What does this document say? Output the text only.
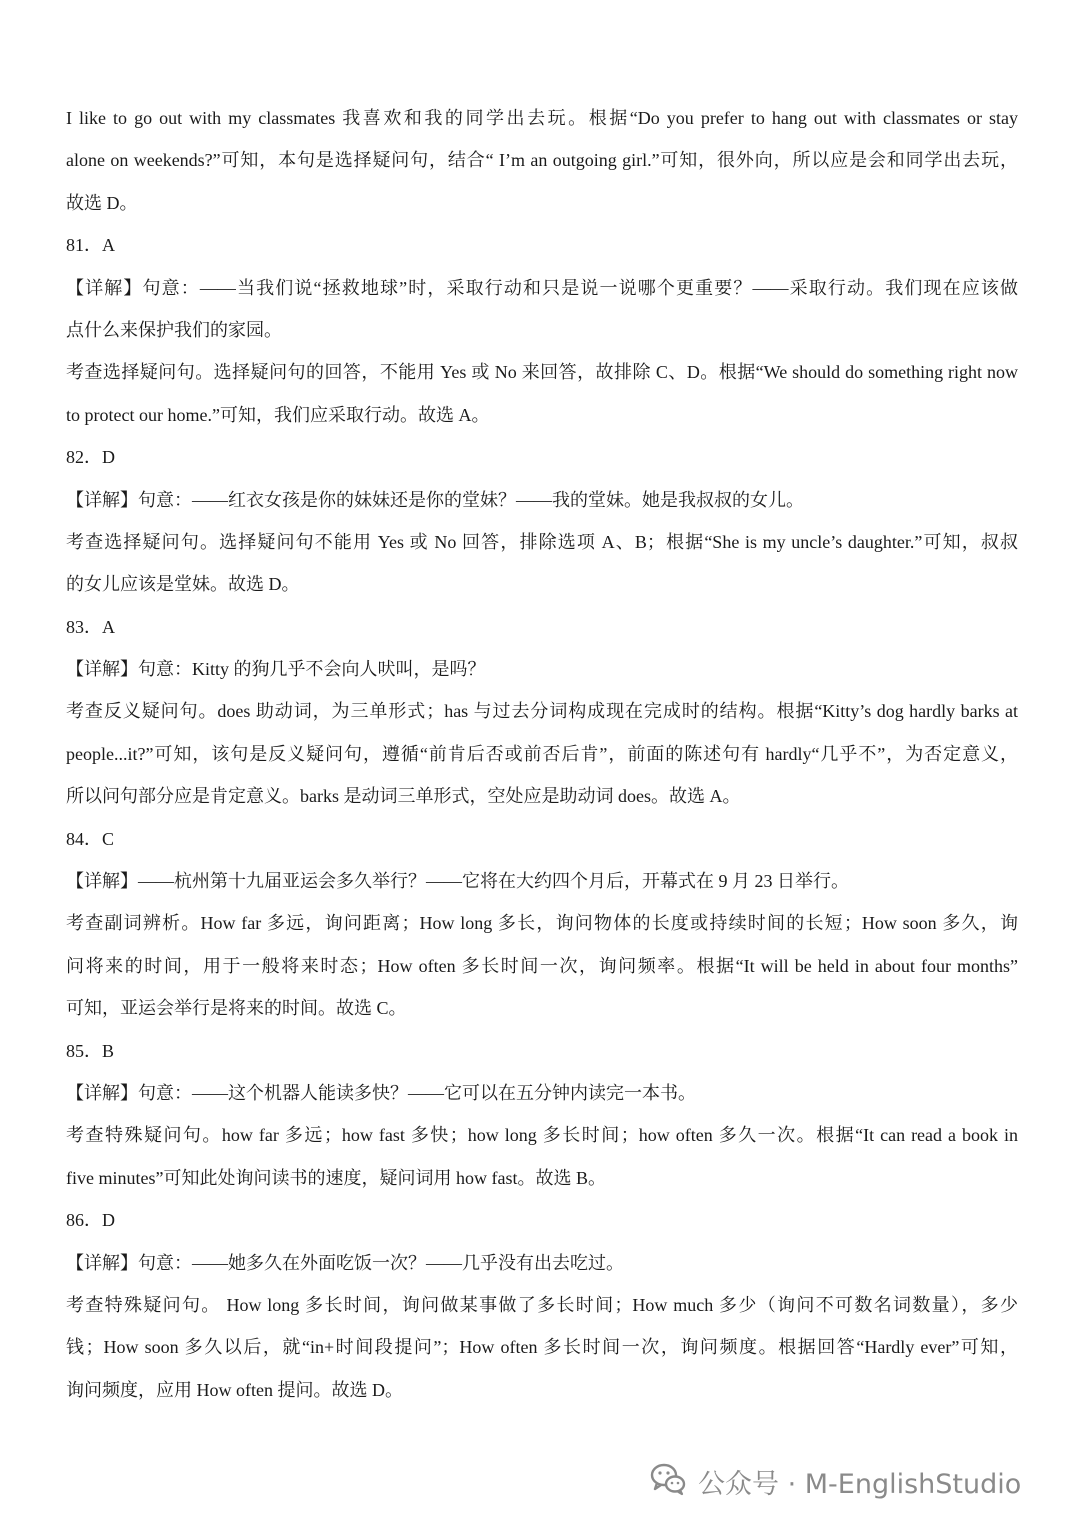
I like to go out with my classmates 我喜欢和我的同学出去玩。根据“Do you prefer to hang out with classmates or stay
alone on weekends?”可知，本句是选择疑问句，结合“ I’m an outgoing girl.”可知，很外向，所以应是会和同学出去玩，
故选 D。
81．A
【详解】句意：——当我们说“拯救地球”时，采取行动和只是说一说哪个更重要？——采取行动。我们现在应该做
点什么来保护我们的家园。
考查选择疑问句。选择疑问句的回答，不能用 Yes 或 No 来回答，故排除 C、D。根据“We should do something right now
to protect our home.”可知，我们应采取行动。故选 A。
82．D
【详解】句意：——红衣女孩是你的妹妹还是你的堂妹？——我的堂妹。她是我叔叔的女儿。
考查选择疑问句。选择疑问句不能用 Yes 或 No 回答，排除选项 A、B；根据“She is my uncle’s daughter.”可知，叔叔
的女儿应该是堂妹。故选 D。
83．A
【详解】句意：Kitty 的狗几乎不会向人吠叫，是吗？
考查反义疑问句。does 助动词，为三单形式；has 与过去分词构成现在完成时的结构。根据“Kitty’s dog hardly barks at
people...it?”可知，该句是反义疑问句，遵循“前肯后否或前否后肯”，前面的陈述句有 hardly“几乎不”，为否定意义，
所以问句部分应是肯定意义。barks 是动词三单形式，空处应是助动词 does。故选 A。
84．C
【详解】——杭州第十九届亚运会多久举行？——它将在大约四个月后，开幕式在 9 月 23 日举行。
考查副词辨析。How far 多远，询问距离；How long 多长，询问物体的长度或持续时间的长短；How soon 多久，询
问将来的时间，用于一般将来时态；How often 多长时间一次，询问频率。根据“It will be held in about four months”
可知，亚运会举行是将来的时间。故选 C。
85．B
【详解】句意：——这个机器人能读多快？——它可以在五分钟内读完一本书。
考查特殊疑问句。how far 多远；how fast 多快；how long 多长时间；how often 多久一次。根据“It can read a book in
five minutes”可知此处询问读书的速度，疑问词用 how fast。故选 B。
86．D
【详解】句意：——她多久在外面吃饭一次？——几乎没有出去吃过。
考查特殊疑问句。 How long 多长时间，询问做某事做了多长时间；How much 多少（询问不可数名词数量），多少
钱；How soon 多久以后，就“in+时间段提问”；How often 多长时间一次，询问频度。根据回答“Hardly ever”可知，
询问频度，应用 How often 提问。故选 D。
公众号 · M-EnglishStudio
